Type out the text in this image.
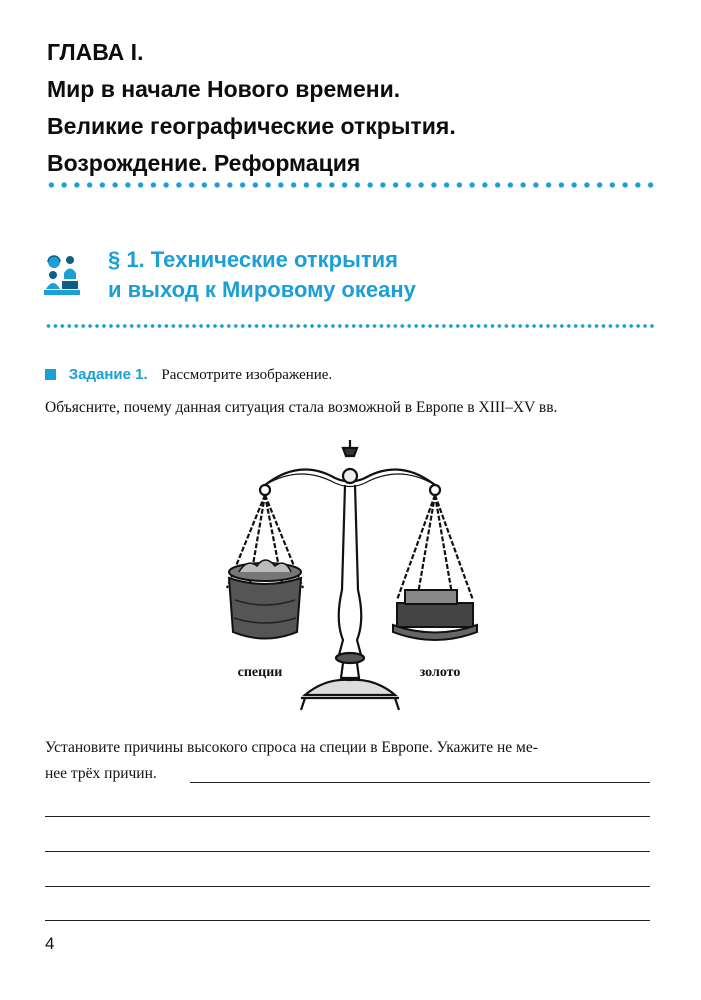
ГЛАВА I.
Мир в начале Нового времени.
Великие географические открытия.
Возрождение. Реформация
§ 1. Технические открытия
и выход к Мировому океану
Задание 1. Рассмотрите изображение.
Объясните, почему данная ситуация стала возможной в Европе в XIII–XV вв.
специи	золото
Установите причины высокого спроса на специи в Европе. Укажите не ме-
нее трёх причин.
4
